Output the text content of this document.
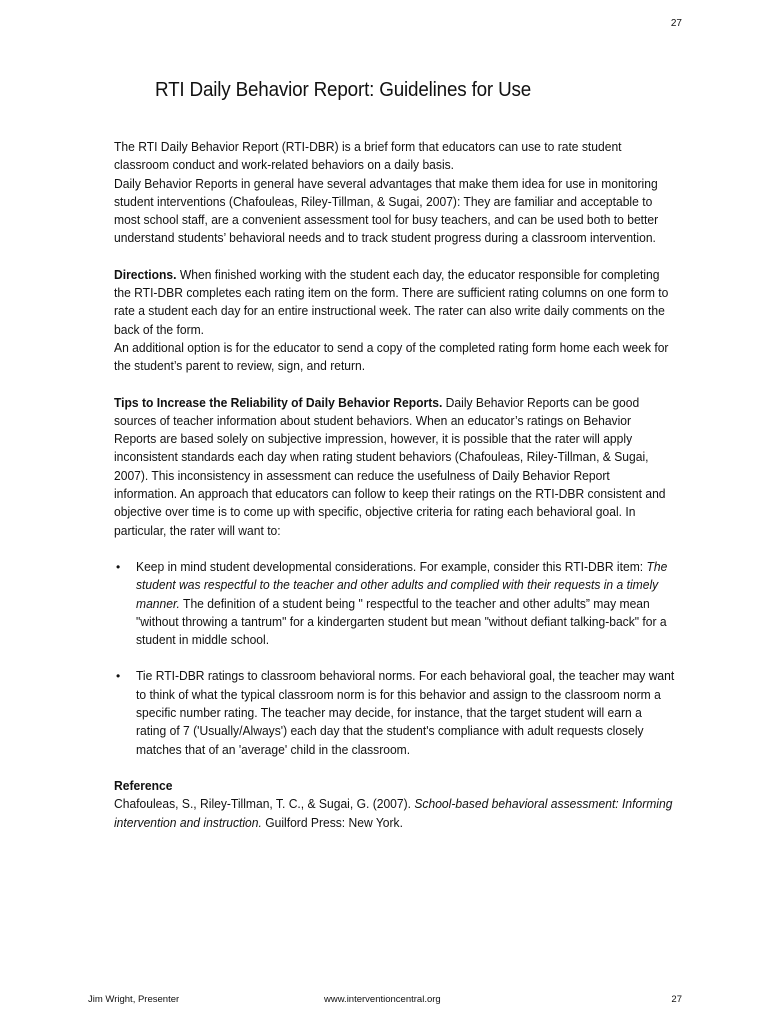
27
RTI Daily Behavior Report: Guidelines for Use

The RTI Daily Behavior Report (RTI-DBR) is a brief form that educators can use to rate student classroom conduct and work-related behaviors on a daily basis.

Daily Behavior Reports in general have several advantages that make them idea for use in monitoring student interventions (Chafouleas, Riley-Tillman, & Sugai, 2007): They are familiar and acceptable to most school staff, are a convenient assessment tool for busy teachers, and can be used both to better understand students’ behavioral needs and to track student progress during a classroom intervention.

Directions. When finished working with the student each day, the educator responsible for completing the RTI-DBR completes each rating item on the form. There are sufficient rating columns on one form to rate a student each day for an entire instructional week. The rater can also write daily comments on the back of the form.

An additional option is for the educator to send a copy of the completed rating form home each week for the student’s parent to review, sign, and return.

Tips to Increase the Reliability of Daily Behavior Reports. Daily Behavior Reports can be good sources of teacher information about student behaviors. When an educator’s ratings on Behavior Reports are based solely on subjective impression, however, it is possible that the rater will apply inconsistent standards each day when rating student behaviors (Chafouleas, Riley-Tillman, & Sugai, 2007). This inconsistency in assessment can reduce the usefulness of Daily Behavior Report information. An approach that educators can follow to keep their ratings on the RTI-DBR consistent and objective over time is to come up with specific, objective criteria for rating each behavioral goal. In particular, the rater will want to:

• Keep in mind student developmental considerations. For example, consider this RTI-DBR item: The student was respectful to the teacher and other adults and complied with their requests in a timely manner. The definition of a student being " respectful to the teacher and other adults” may mean "without throwing a tantrum" for a kindergarten student but mean "without defiant talking-back" for a student in middle school.
• Tie RTI-DBR ratings to classroom behavioral norms. For each behavioral goal, the teacher may want to think of what the typical classroom norm is for this behavior and assign to the classroom norm a specific number rating. The teacher may decide, for instance, that the target student will earn a rating of 7 ('Usually/Always') each day that the student's compliance with adult requests closely matches that of an 'average' child in the classroom.

Reference

Chafouleas, S., Riley-Tillman, T. C., & Sugai, G. (2007). School-based behavioral assessment: Informing intervention and instruction. Guilford Press: New York.

Jim Wright, Presenter	www.interventioncentral.org	27
